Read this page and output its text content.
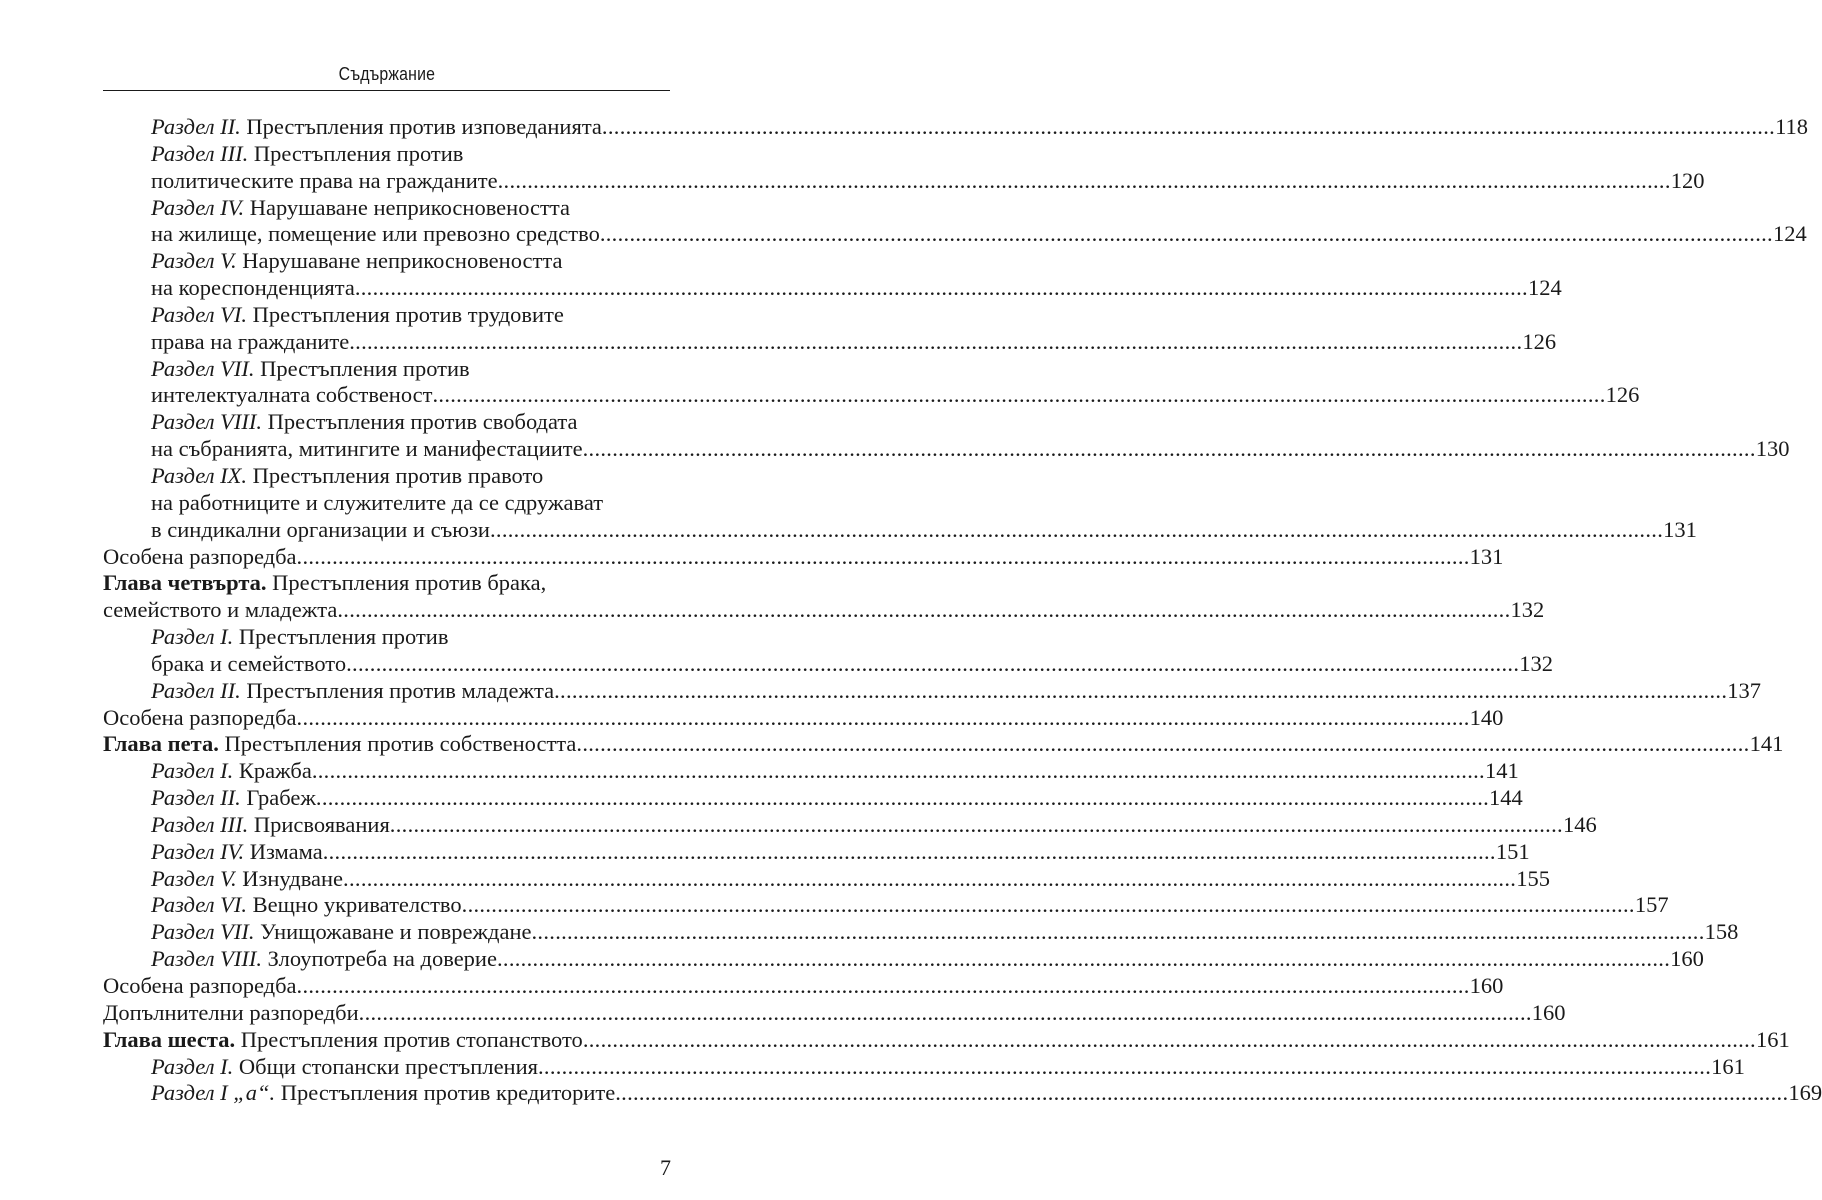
Съдържание
Раздел II. Престъпления против изповеданията .....	118
Раздел III. Престъпления против
политическите права на гражданите .....	120
Раздел IV. Нарушаване неприкосновеността
на жилище, помещение или превозно средство .....	124
Раздел V. Нарушаване неприкосновеността
на кореспонденцията .....	124
Раздел VI. Престъпления против трудовите
права на гражданите .....	126
Раздел VII. Престъпления против
интелектуалната собственост .....	126
Раздел VIII. Престъпления против свободата
на събранията, митингите и манифестациите .....	130
Раздел IX. Престъпления против правото
на работниците и служителите да се сдружават
в синдикални организации и съюзи .....	131
Особена разпоредба .....	131
Глава четвърта. Престъпления против брака,
семейството и младежта .....	132
Раздел I. Престъпления против
брака и семейството .....	132
Раздел II. Престъпления против младежта .....	137
Особена разпоредба .....	140
Глава пета. Престъпления против собствеността .....	141
Раздел I. Кражба .....	141
Раздел II. Грабеж .....	144
Раздел III. Присвоявания .....	146
Раздел IV. Измама .....	151
Раздел V. Изнудване .....	155
Раздел VI. Вещно укривателство .....	157
Раздел VII. Унищожаване и повреждане .....	158
Раздел VIII. Злоупотреба на доверие .....	160
Особена разпоредба .....	160
Допълнителни разпоредби .....	160
Глава шеста. Престъпления против стопанството .....	161
Раздел I. Общи стопански престъпления .....	161
Раздел I „а“. Престъпления против кредиторите .....	169
7
